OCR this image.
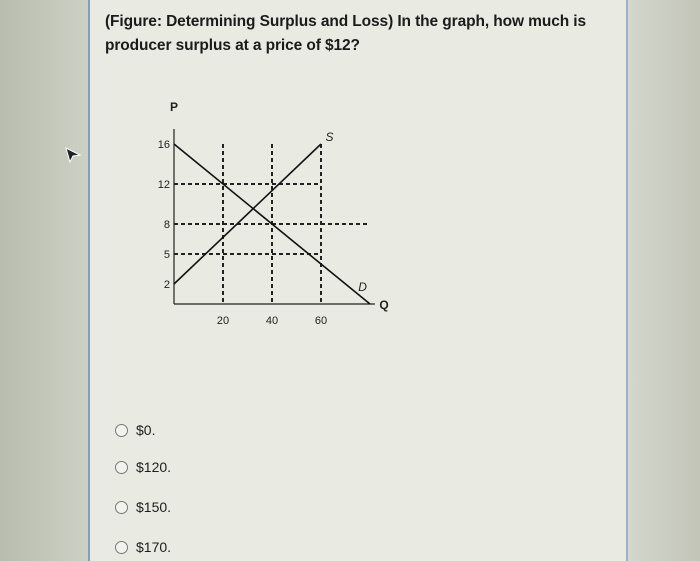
(Figure: Determining Surplus and Loss) In the graph, how much is producer surplus at a price of $12?
P
Q
S
D
2
5
8
12
16
20	40	60
$0.
$120.
$150.
$170.
